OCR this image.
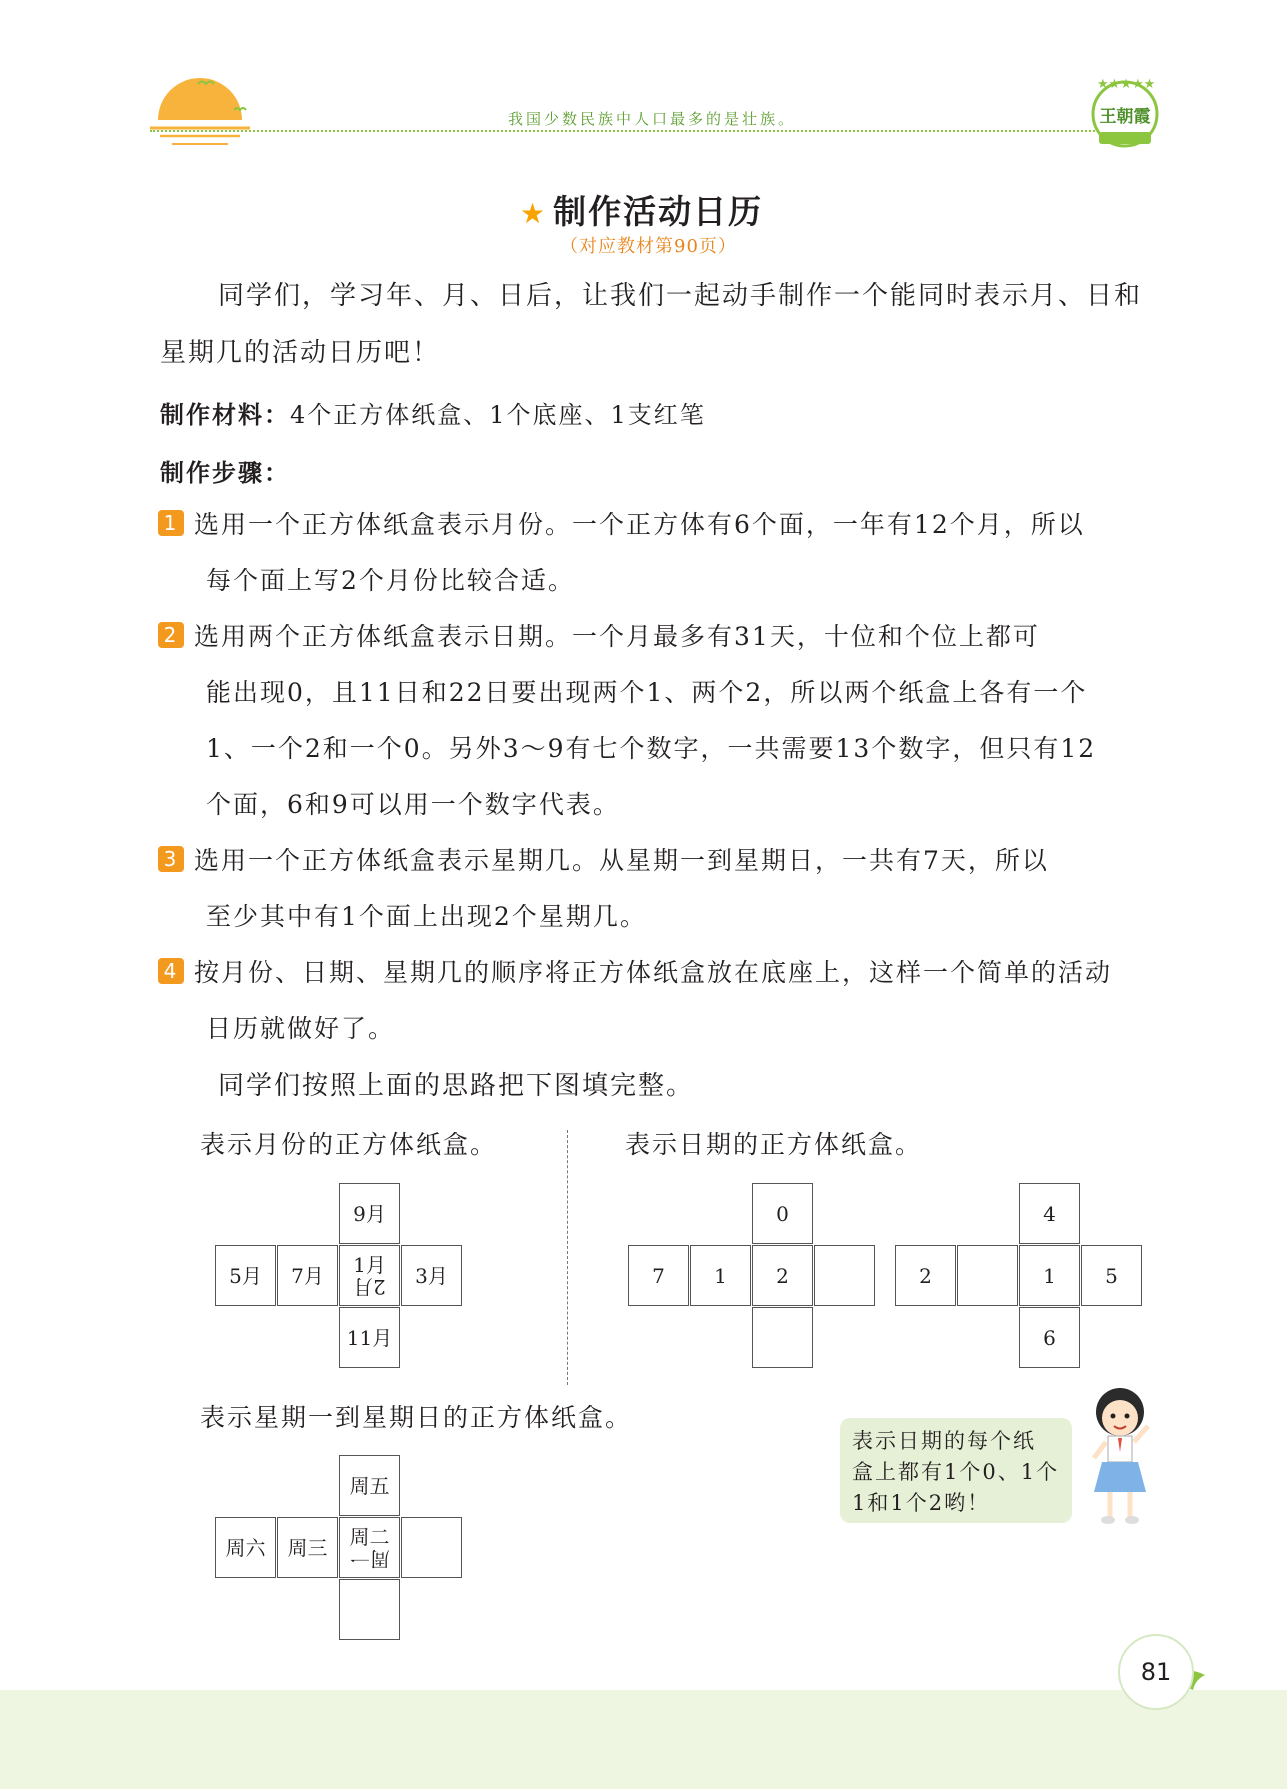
我国少数民族中人口最多的是壮族。
★★★★★
王朝霞
★ 制作活动日历
（对应教材第90页）
同学们，学习年、月、日后，让我们一起动手制作一个能同时表示月、日和
星期几的活动日历吧！
制作材料：4个正方体纸盒、1个底座、1支红笔
制作步骤：
1 选用一个正方体纸盒表示月份。一个正方体有6个面，一年有12个月，所以
每个面上写2个月份比较合适。
2 选用两个正方体纸盒表示日期。一个月最多有31天，十位和个位上都可
能出现0，且11日和22日要出现两个1、两个2，所以两个纸盒上各有一个
1、一个2和一个0。另外3～9有七个数字，一共需要13个数字，但只有12
个面，6和9可以用一个数字代表。
3 选用一个正方体纸盒表示星期几。从星期一到星期日，一共有7天，所以
至少其中有1个面上出现2个星期几。
4 按月份、日期、星期几的顺序将正方体纸盒放在底座上，这样一个简单的活动
日历就做好了。
同学们按照上面的思路把下图填完整。
表示月份的正方体纸盒。
9月
5月 7月 1月
2月 3月
11月
表示日期的正方体纸盒。
0
7 1 2
4
2	1 5
6
表示星期一到星期日的正方体纸盒。
周五
周六 周三 周二
周一
表示日期的每个纸
盒上都有1个0、1个
1和1个2哟！
81
